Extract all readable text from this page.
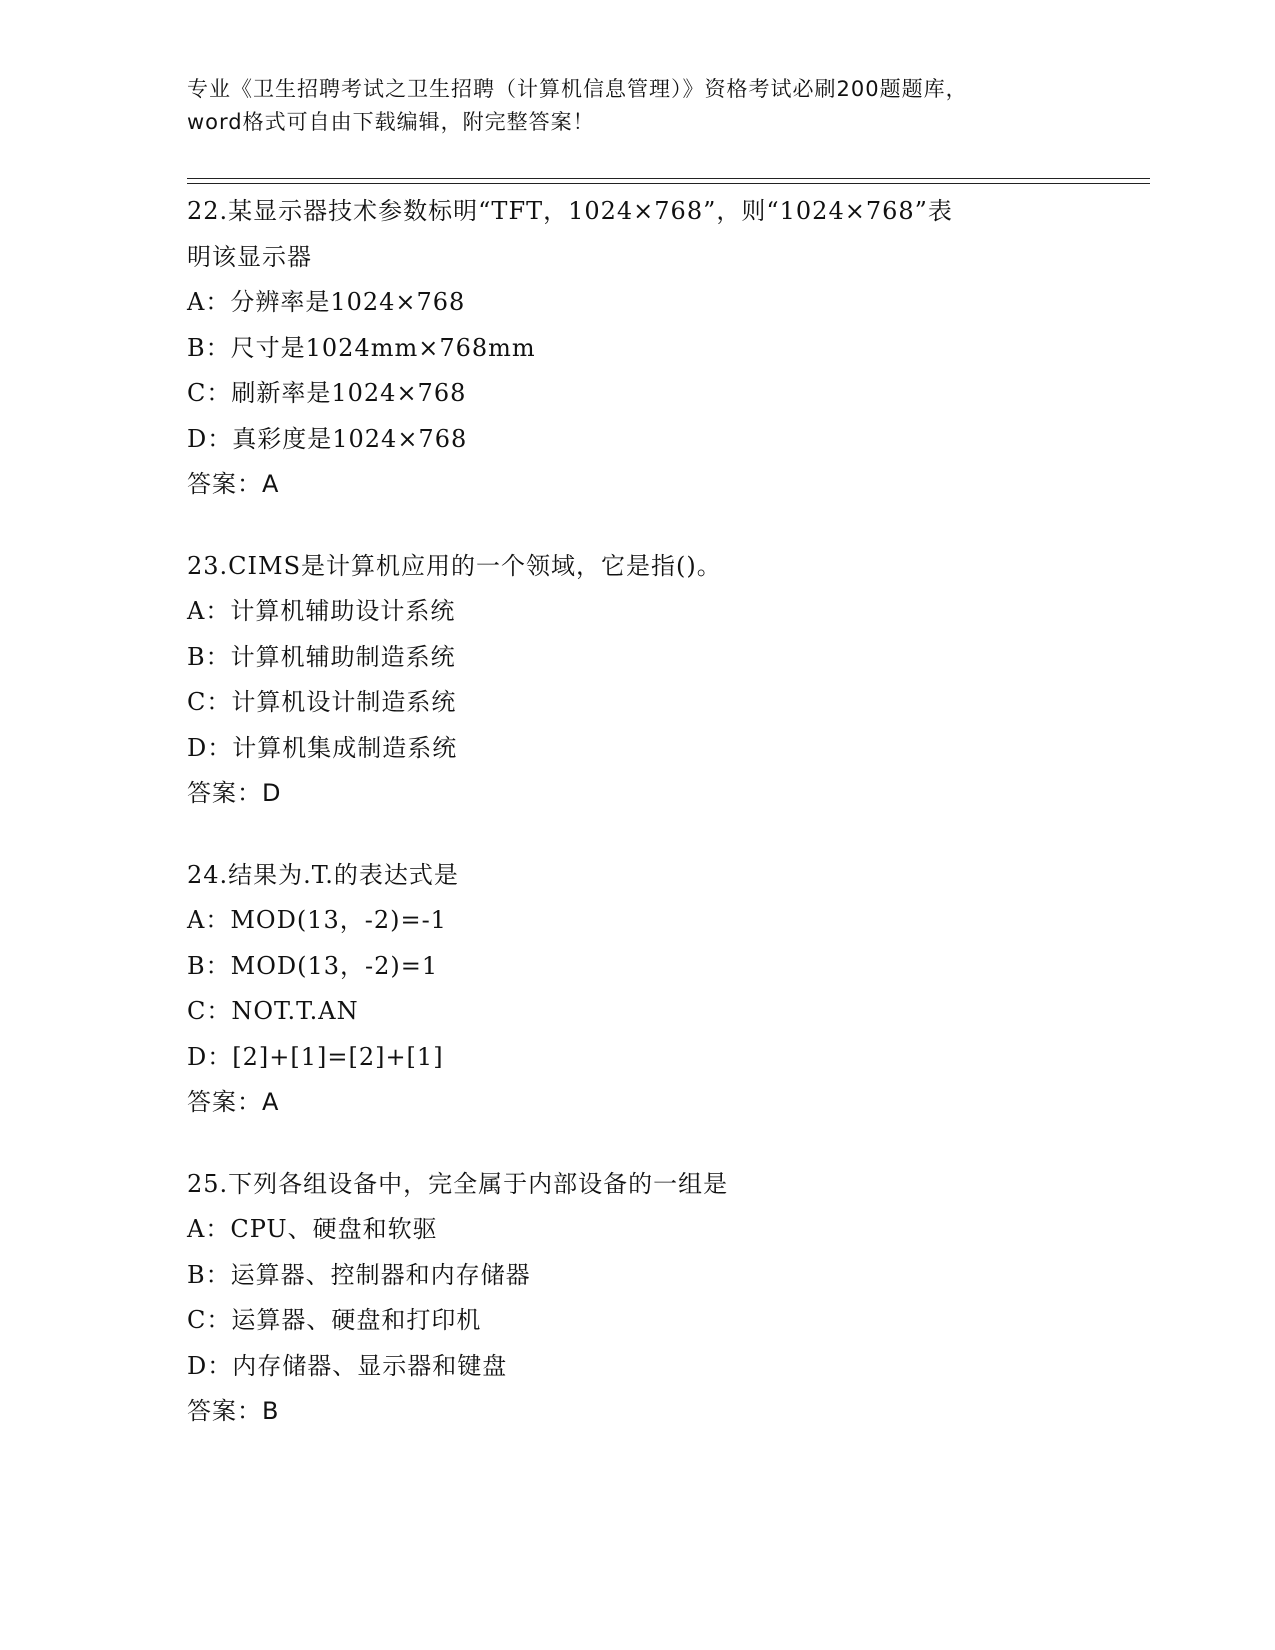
专业《卫生招聘考试之卫生招聘（计算机信息管理）》资格考试必刷200题题库，

word格式可自由下载编辑，附完整答案！

22.某显示器技术参数标明“TFT，1024×768”，则“1024×768”表

明该显示器

A：分辨率是1024×768

B：尺寸是1024mm×768mm

C：刷新率是1024×768

D：真彩度是1024×768

答案：A

23.CIMS是计算机应用的一个领域，它是指()。

A：计算机辅助设计系统

B：计算机辅助制造系统

C：计算机设计制造系统

D：计算机集成制造系统

答案：D

24.结果为.T.的表达式是

A：MOD(13，-2)=-1

B：MOD(13，-2)=1

C：NOT.T.AN

D：[2]+[1]=[2]+[1]

答案：A

25.下列各组设备中，完全属于内部设备的一组是

A：CPU、硬盘和软驱

B：运算器、控制器和内存储器

C：运算器、硬盘和打印机

D：内存储器、显示器和键盘

答案：B
